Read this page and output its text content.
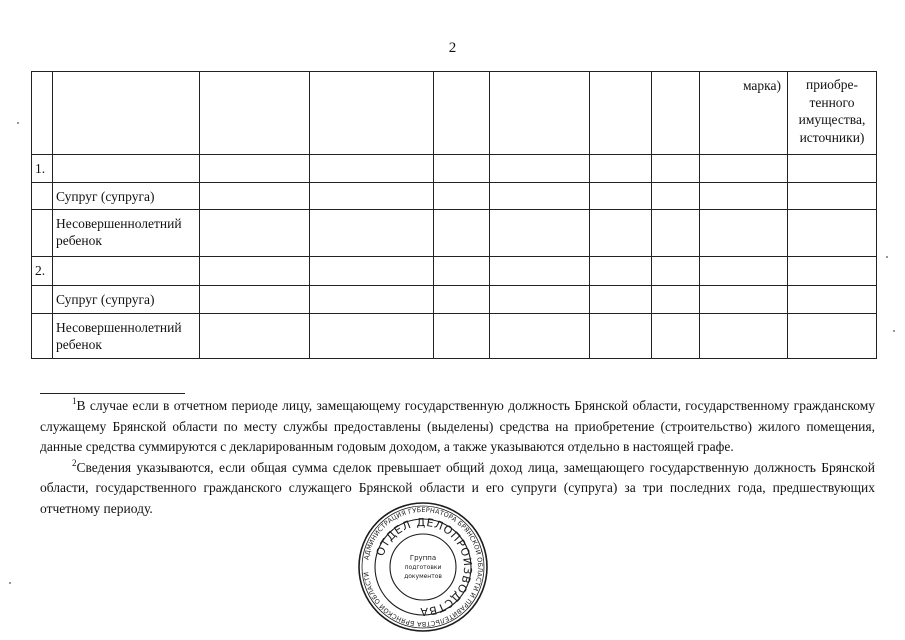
2
								марка)	приобре-
тенного
имущества,
источники)
1.									
	Супруг (супруга)								
	Несовершеннолетний ребенок								
2.									
	Супруг (супруга)								
	Несовершеннолетний ребенок								

$^1$В случае если в отчетном периоде лицу, замещающему государственную должность Брянской области, государственному гражданскому служащему Брянской области по месту службы предоставлены (выделены) средства на приобретение (строительство) жилого помещения, данные средства суммируются с декларированным годовым доходом, а также указываются отдельно в настоящей графе.

$^2$Сведения указываются, если общая сумма сделок превышает общий доход лица, замещающего государственную должность Брянской области, государственного гражданского служащего Брянской области и его супруги (супруга) за три последних года, предшествующих отчетному периоду.

АДМИНИСТРАЦИЯ ГУБЕРНАТОРА БРЯНСКОЙ ОБЛАСТИ И ПРАВИТЕЛЬСТВА БРЯНСКОЙ ОБЛАСТИ
ОТДЕЛ ДЕЛОПРОИЗВОДСТВА
Группа
подготовки
документов
